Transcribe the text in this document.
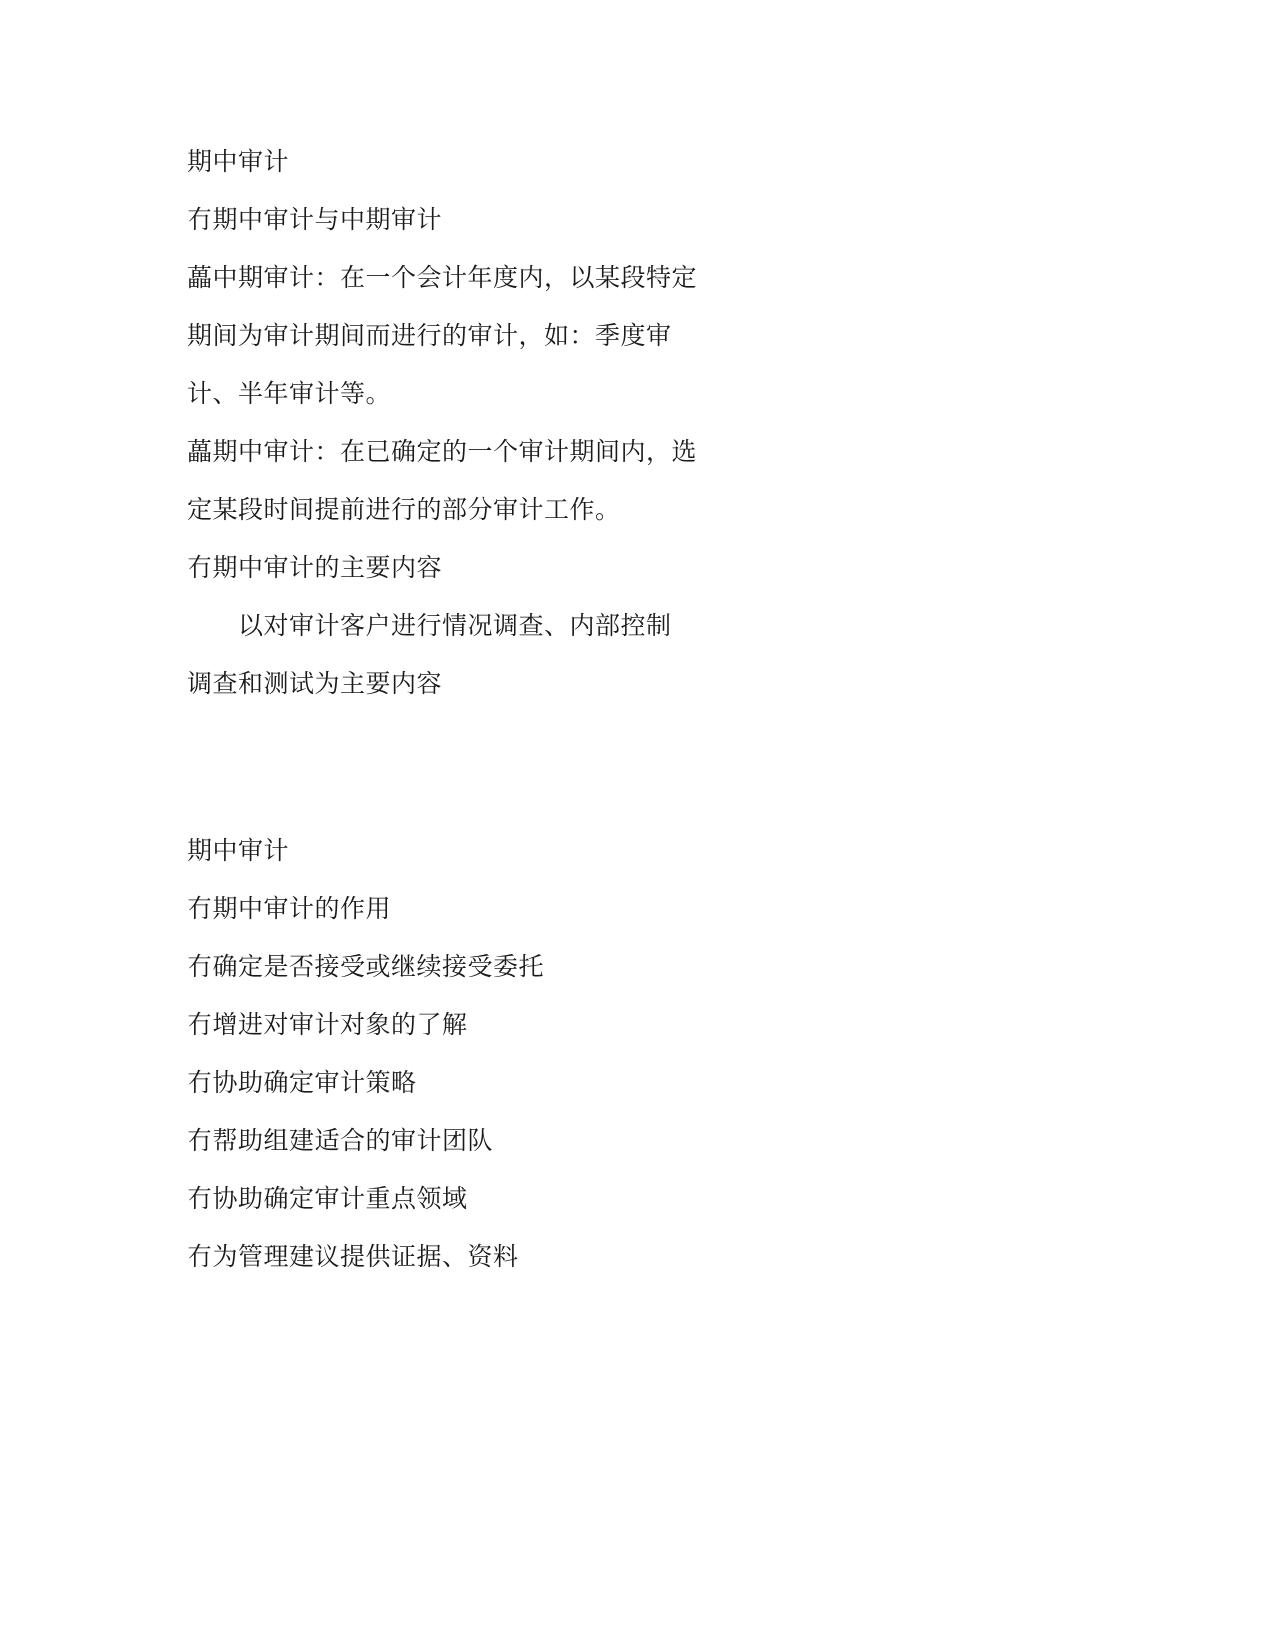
期中审计
冇期中审计与中期审计
藟中期审计：在一个会计年度内，以某段特定
期间为审计期间而进行的审计，如：季度审
计、半年审计等。
藟期中审计：在已确定的一个审计期间内，选
定某段时间提前进行的部分审计工作。
冇期中审计的主要内容
以对审计客户进行情况调查、内部控制
调查和测试为主要内容
期中审计
冇期中审计的作用
冇确定是否接受或继续接受委托
冇增进对审计对象的了解
冇协助确定审计策略
冇帮助组建适合的审计团队
冇协助确定审计重点领域
冇为管理建议提供证据、资料
